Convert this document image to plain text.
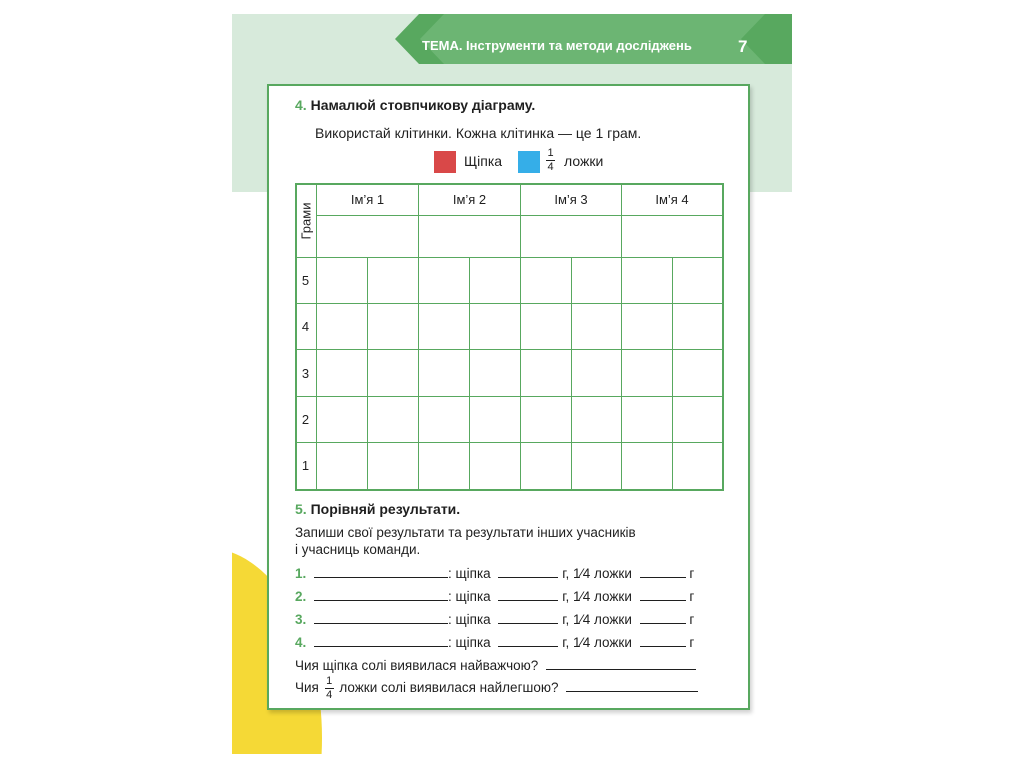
ТЕМА. Інструменти та методи досліджень	7
4. Намалюй стовпчикову діаграму.
Використай клітинки. Кожна клітинка — це 1 грам.
Щіпка	$\frac{1}{4}$ ложки
Грами
Ім’я 1	Ім’я 2	Ім’я 3	Ім’я 4
5
4
3
2
1
5. Порівняй результати.
Запиши свої результати та результати інших учасників
і учасниць команди.
1.	: щіпка	г, 1⁄4 ложки	г
2.	: щіпка	г, 1⁄4 ложки	г
3.	: щіпка	г, 1⁄4 ложки	г
4.	: щіпка	г, 1⁄4 ложки	г
Чия щіпка солі виявилася найважчою?
Чия $\frac{1}{4}$ ложки солі виявилася найлегшою?
